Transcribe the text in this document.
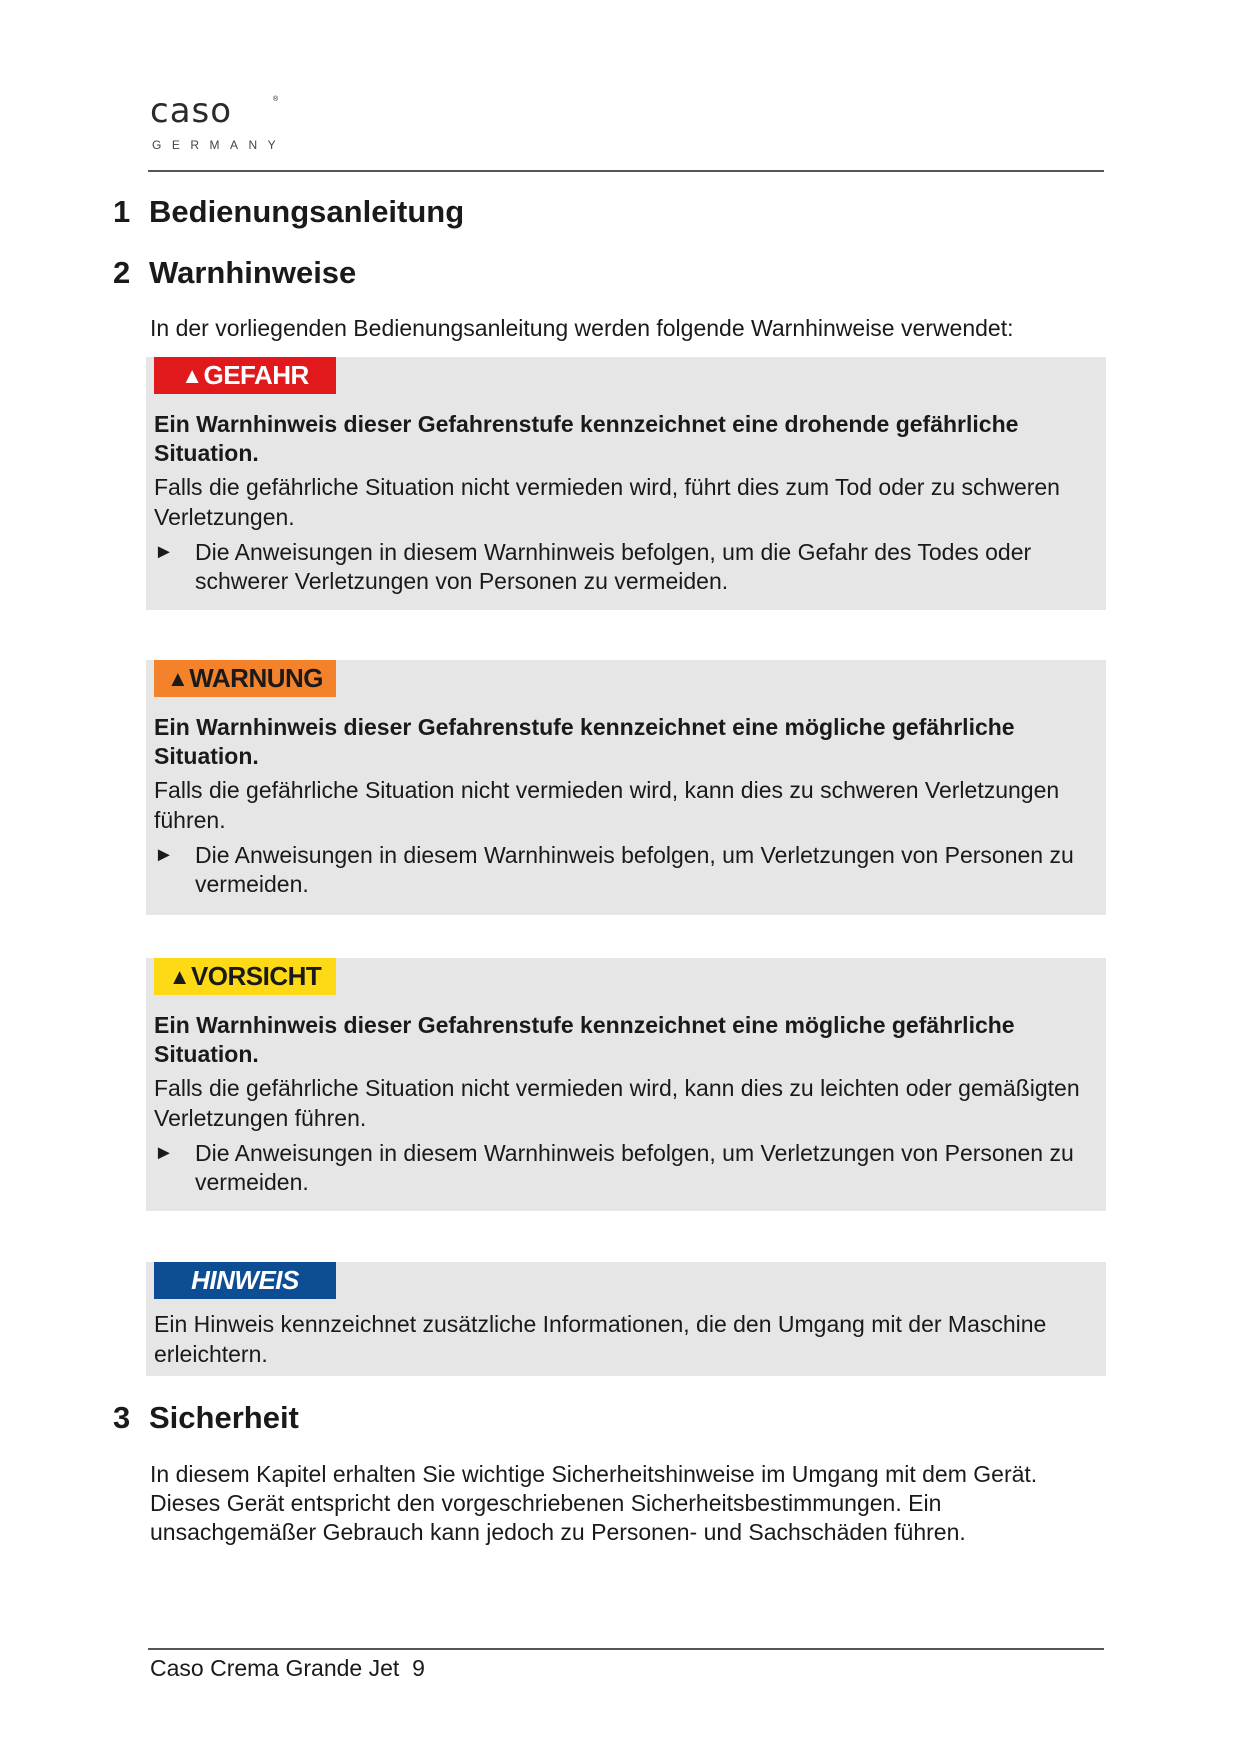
caso	®
GERMANY
1 Bedienungsanleitung
2 Warnhinweise
In der vorliegenden Bedienungsanleitung werden folgende Warnhinweise verwendet:
▲ GEFAHR
Ein Warnhinweis dieser Gefahrenstufe kennzeichnet eine drohende gefährliche Situation.
Falls die gefährliche Situation nicht vermieden wird, führt dies zum Tod oder zu schweren Verletzungen.
► Die Anweisungen in diesem Warnhinweis befolgen, um die Gefahr des Todes oder schwerer Verletzungen von Personen zu vermeiden.
▲ WARNUNG
Ein Warnhinweis dieser Gefahrenstufe kennzeichnet eine mögliche gefährliche Situation.
Falls die gefährliche Situation nicht vermieden wird, kann dies zu schweren Verletzungen führen.
► Die Anweisungen in diesem Warnhinweis befolgen, um Verletzungen von Personen zu vermeiden.
▲ VORSICHT
Ein Warnhinweis dieser Gefahrenstufe kennzeichnet eine mögliche gefährliche Situation.
Falls die gefährliche Situation nicht vermieden wird, kann dies zu leichten oder gemäßigten Verletzungen führen.
► Die Anweisungen in diesem Warnhinweis befolgen, um Verletzungen von Personen zu vermeiden.
HINWEIS
Ein Hinweis kennzeichnet zusätzliche Informationen, die den Umgang mit der Maschine erleichtern.
3 Sicherheit
In diesem Kapitel erhalten Sie wichtige Sicherheitshinweise im Umgang mit dem Gerät. Dieses Gerät entspricht den vorgeschriebenen Sicherheitsbestimmungen. Ein unsachgemäßer Gebrauch kann jedoch zu Personen- und Sachschäden führen.
Caso Crema Grande Jet 9
